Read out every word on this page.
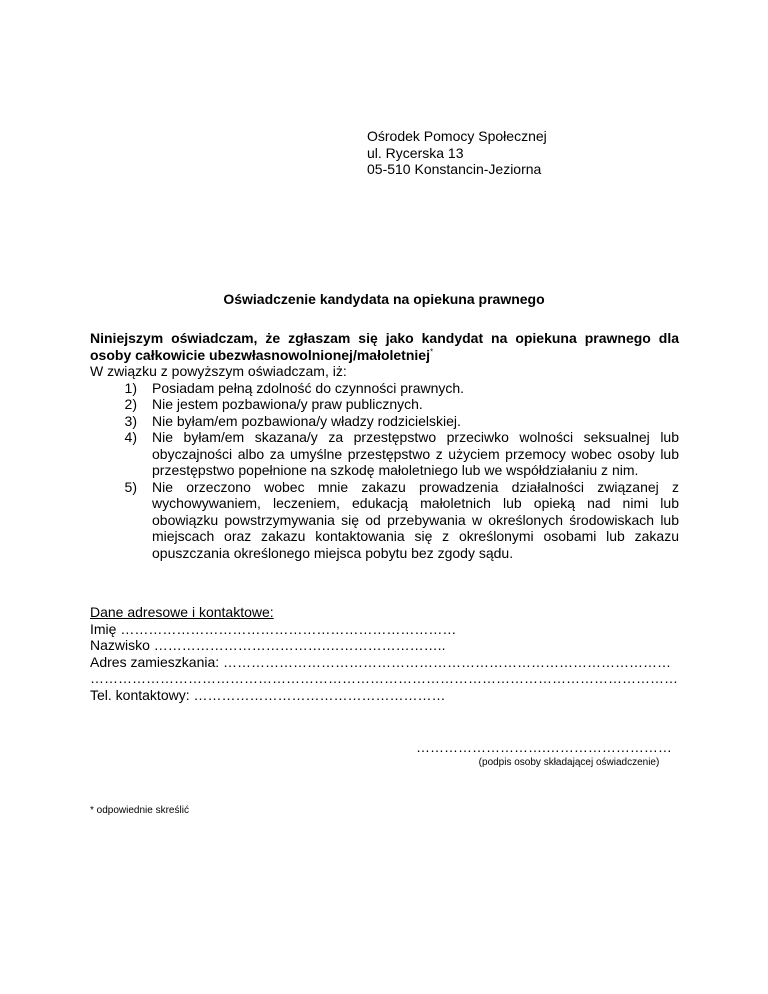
Ośrodek Pomocy Społecznej
ul. Rycerska 13
05-510 Konstancin-Jeziorna
Oświadczenie kandydata na opiekuna prawnego
Niniejszym oświadczam, że zgłaszam się jako kandydat na opiekuna prawnego dla
osoby całkowicie ubezwłasnowolnionej/małoletniej*
W związku z powyższym oświadczam, iż:
1)	Posiadam pełną zdolność do czynności prawnych.
2)	Nie jestem pozbawiona/y praw publicznych.
3)	Nie byłam/em pozbawiona/y władzy rodzicielskiej.
4)	Nie byłam/em skazana/y za przestępstwo przeciwko wolności seksualnej lub obyczajności albo za umyślne przestępstwo z użyciem przemocy wobec osoby lub przestępstwo popełnione na szkodę małoletniego lub we współdziałaniu z nim.
5)	Nie orzeczono wobec mnie zakazu prowadzenia działalności związanej z wychowywaniem, leczeniem, edukacją małoletnich lub opieką nad nimi lub obowiązku powstrzymywania się od przebywania w określonych środowiskach lub miejscach oraz zakazu kontaktowania się z określonymi osobami lub zakazu opuszczania określonego miejsca pobytu bez zgody sądu.
Dane adresowe i kontaktowe:
Imię ………………………………………………………………
Nazwisko ……………………………….……………………..
Adres zamieszkania: ……………………………………………………………………………………
………………………………………………………………………………………………………………
Tel. kontaktowy: ………………………………………………
……………………….………………………
(podpis osoby składającej oświadczenie)
* odpowiednie skreślić
